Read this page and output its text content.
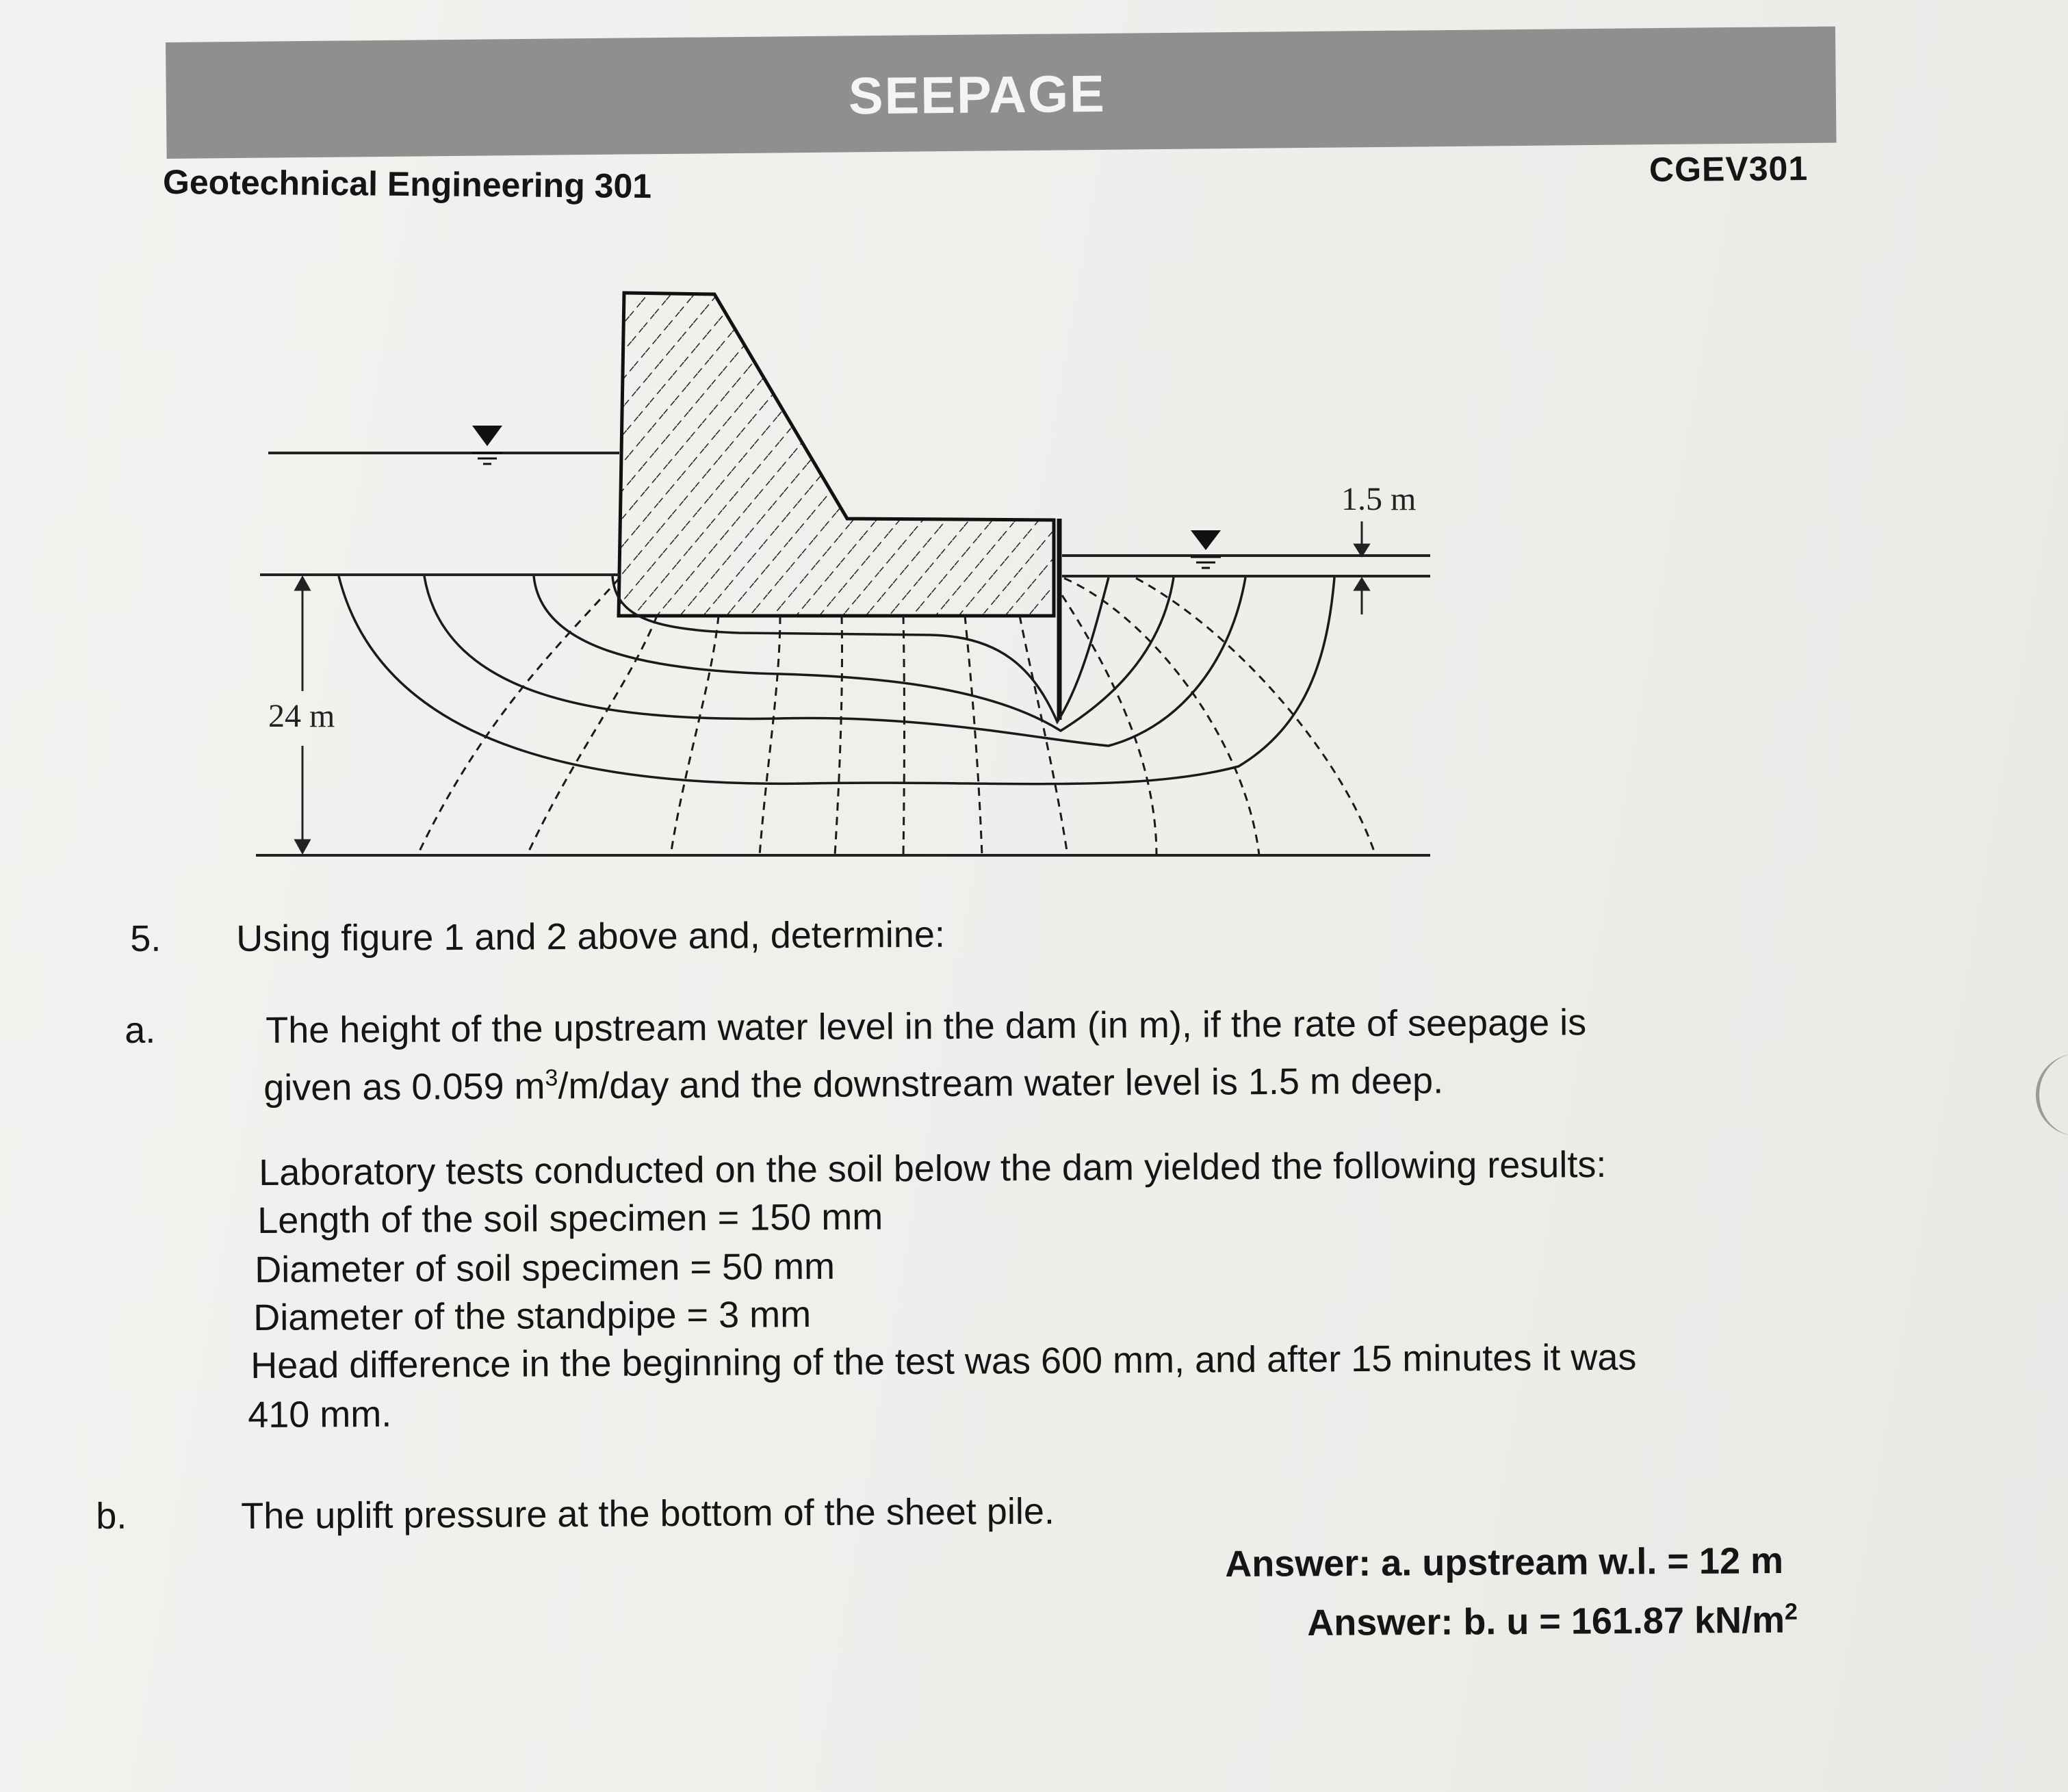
SEEPAGE
Geotechnical Engineering 301	CGEV301
1.5 m
24 m
5. Using figure 1 and 2 above and, determine:
a.	The height of the upstream water level in the dam (in m), if the rate of seepage is
given as 0.059 $m^3/m$/day and the downstream water level is 1.5 m deep.
Laboratory tests conducted on the soil below the dam yielded the following results:
Length of the soil specimen = 150 mm
Diameter of soil specimen = 50 mm
Diameter of the standpipe = 3 mm
Head difference in the beginning of the test was 600 mm, and after 15 minutes it was
410 mm.
b.	The uplift pressure at the bottom of the sheet pile.
Answer: a. upstream w.l. = 12 m
Answer: b. u = 161.87 $kN/m^2$
